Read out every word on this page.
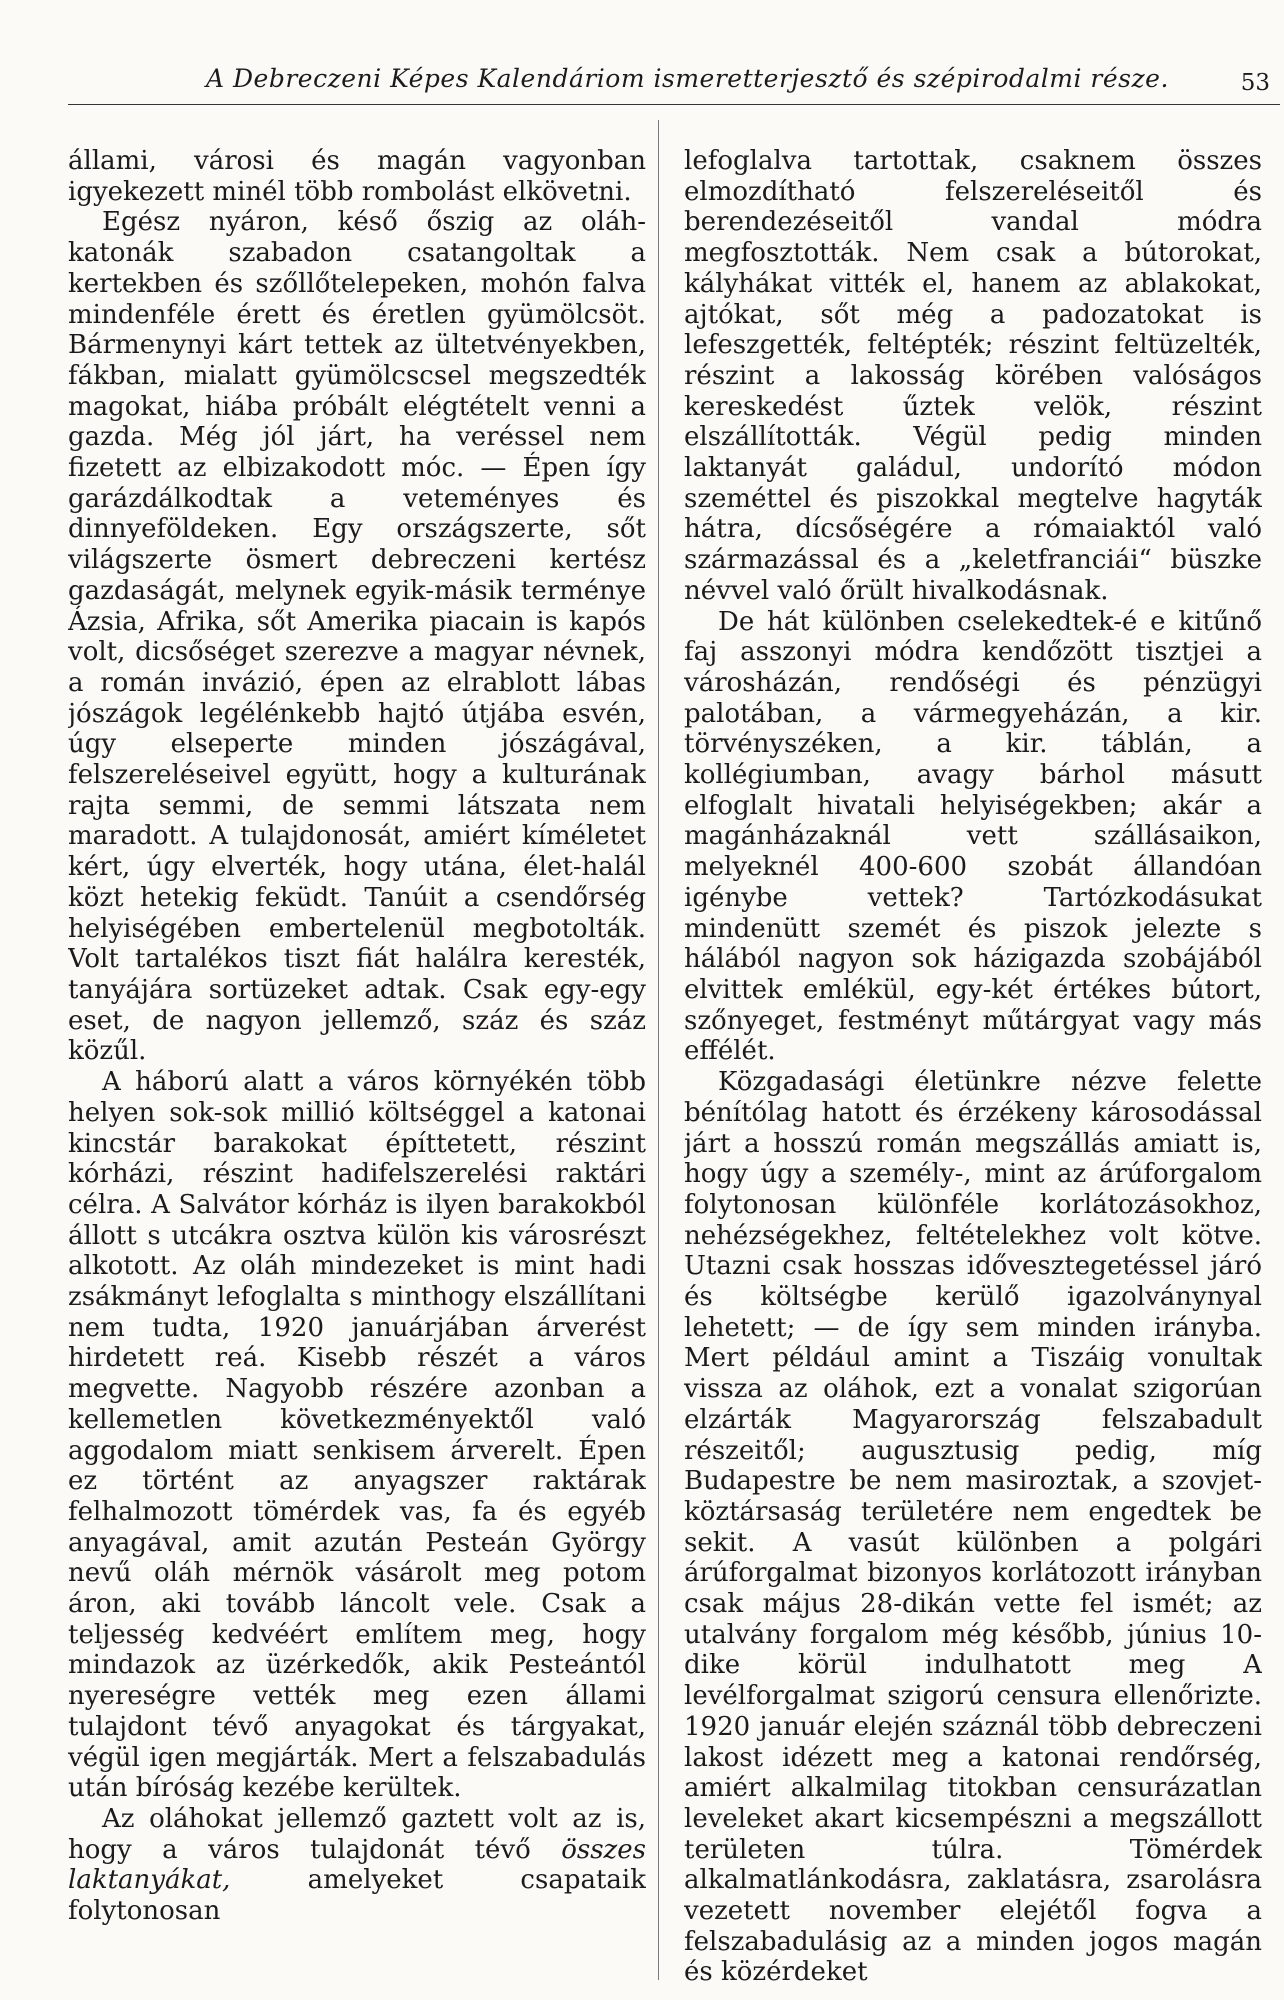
A Debreczeni Képes Kalendáriom ismeretterjesztő és szépirodalmi része.	53

állami, városi és magán vagyonban igyekezett minél több rombolást elkövetni.

Egész nyáron, késő őszig az oláh-katonák szabadon csatangoltak a kertekben és szőllőtelepeken, mohón falva mindenféle érett és éretlen gyümölcsöt. Bármenynyi kárt tettek az ültetvényekben, fákban, mialatt gyümölcscsel megszedték magokat, hiába próbált elégtételt venni a gazda. Még jól járt, ha veréssel nem fizetett az elbizakodott móc. — Épen így garázdálkodtak a veteményes és dinnyeföldeken. Egy országszerte, sőt világszerte ösmert debreczeni kertész gazdaságát, melynek egyik-másik terménye Ázsia, Afrika, sőt Amerika piacain is kapós volt, dicsőséget szerezve a magyar névnek, a román invázió, épen az elrablott lábas jószágok legélénkebb hajtó útjába esvén, úgy elseperte minden jószágával, felszereléseivel együtt, hogy a kulturának rajta semmi, de semmi látszata nem maradott. A tulajdonosát, amiért kíméletet kért, úgy elverték, hogy utána, élet-halál közt hetekig feküdt. Tanúit a csendőrség helyiségében embertelenül megbotolták. Volt tartalékos tiszt fiát halálra keresték, tanyájára sortüzeket adtak. Csak egy-egy eset, de nagyon jellemző, száz és száz közűl.

A háború alatt a város környékén több helyen sok-sok millió költséggel a katonai kincstár barakokat építtetett, részint kórházi, részint hadifelszerelési raktári célra. A Salvátor kórház is ilyen barakokból állott s utcákra osztva külön kis városrészt alkotott. Az oláh mindezeket is mint hadi zsákmányt lefoglalta s minthogy elszállítani nem tudta, 1920 januárjában árverést hirdetett reá. Kisebb részét a város megvette. Nagyobb részére azonban a kellemetlen következményektől való aggodalom miatt senkisem árverelt. Épen ez történt az anyagszer raktárak felhalmozott tömérdek vas, fa és egyéb anyagával, amit azután Pesteán György nevű oláh mérnök vásárolt meg potom áron, aki tovább láncolt vele. Csak a teljesség kedvéért említem meg, hogy mindazok az üzérkedők, akik Pesteántól nyereségre vették meg ezen állami tulajdont tévő anyagokat és tárgyakat, végül igen megjárták. Mert a felszabadulás után bíróság kezébe kerültek.

Az oláhokat jellemző gaztett volt az is, hogy a város tulajdonát tévő összes laktanyákat, amelyeket csapataik folytonosan

lefoglalva tartottak, csaknem összes elmozdítható felszereléseitől és berendezéseitől vandal módra megfosztották. Nem csak a bútorokat, kályhákat vitték el, hanem az ablakokat, ajtókat, sőt még a padozatokat is lefeszgették, feltépték; részint feltüzelték, részint a lakosság körében valóságos kereskedést űztek velök, részint elszállították. Végül pedig minden laktanyát galádul, undorító módon szeméttel és piszokkal megtelve hagyták hátra, dícsőségére a rómaiaktól való származással és a „keletfranciái“ büszke névvel való őrült hivalkodásnak.

De hát különben cselekedtek-é e kitűnő faj asszonyi módra kendőzött tisztjei a városházán, rendőségi és pénzügyi palotában, a vármegyeházán, a kir. törvényszéken, a kir. táblán, a kollégiumban, avagy bárhol másutt elfoglalt hivatali helyiségekben; akár a magánházaknál vett szállásaikon, melyeknél 400-600 szobát állandóan igénybe vettek? Tartózkodásukat mindenütt szemét és piszok jelezte s hálából nagyon sok házigazda szobájából elvittek emlékül, egy-két értékes bútort, szőnyeget, festményt műtárgyat vagy más effélét.

Közgadasági életünkre nézve felette bénítólag hatott és érzékeny károsodással járt a hosszú román megszállás amiatt is, hogy úgy a személy-, mint az árúforgalom folytonosan különféle korlátozásokhoz, nehézségekhez, feltételekhez volt kötve. Utazni csak hosszas idővesztegetéssel járó és költségbe kerülő igazolványnyal lehetett; — de így sem minden irányba. Mert például amint a Tiszáig vonultak vissza az oláhok, ezt a vonalat szigorúan elzárták Magyarország felszabadult részeitől; augusztusig pedig, míg Budapestre be nem masiroztak, a szovjet-köztársaság területére nem engedtek be sekit. A vasút különben a polgári árúforgalmat bizonyos korlátozott irányban csak május 28-dikán vette fel ismét; az utalvány forgalom még később, június 10-dike körül indulhatott meg A levélforgalmat szigorú censura ellenőrizte. 1920 január elején száznál több debreczeni lakost idézett meg a katonai rendőrség, amiért alkalmilag titokban censurázatlan leveleket akart kicsempészni a megszállott területen túlra. Tömérdek alkalmatlánkodásra, zaklatásra, zsarolásra vezetett november elejétől fogva a felszabadulásig az a minden jogos magán és közérdeket
